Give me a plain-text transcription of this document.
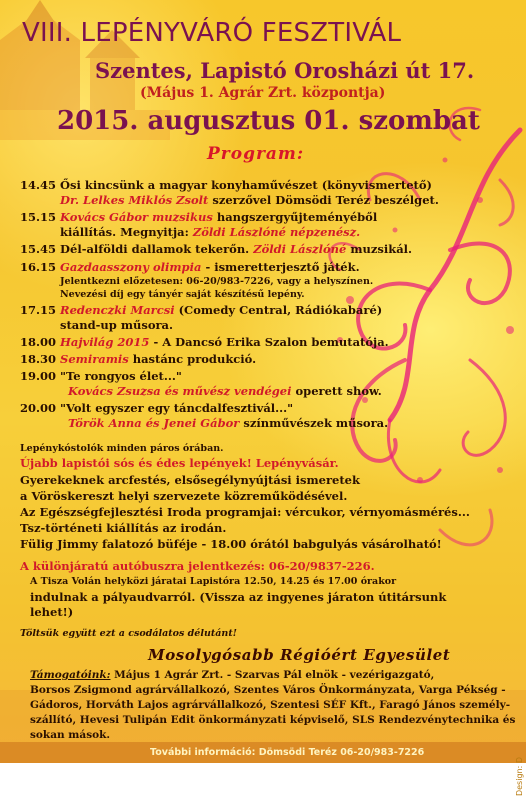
VIII. LEPÉNYVÁRÓ FESZTIVÁL
Szentes, Lapistó Orosházi út 17.
(Május 1. Agrár Zrt. központja)
2015. augusztus 01. szombat
Program:
14.45 Ősi kincsünk a magyar konyhaművészet (könyvismertető)
Dr. Lelkes Miklós Zsolt szerzővel Dömsödi Teréz beszélget.
15.15 Kovács Gábor muzsikus hangszergyűjteményéből
kiállítás. Megnyitja: Zöldi Lászlóné népzenész.
15.45 Dél-alföldi dallamok tekerőn. Zöldi Lászlóné muzsikál.
16.15 Gazdaasszony olimpia - ismeretterjesztő játék.
Jelentkezni előzetesen: 06-20/983-7226, vagy a helyszínen.
Nevezési díj egy tányér saját készítésű lepény.
17.15 Redenczki Marcsi (Comedy Central, Rádiókabaré)
stand-up műsora.
18.00 Hajvilág 2015 - A Dancsó Erika Szalon bemutatója.
18.30 Semiramis hastánc produkció.
19.00 "Te rongyos élet..."
Kovács Zsuzsa és művész vendégei operett show.
20.00 "Volt egyszer egy táncdalfesztivál..."
Török Anna és Jenei Gábor színművészek műsora.
Lepénykóstolók minden páros órában.
Újabb lapistói sós és édes lepények! Lepényvásár.
Gyerekeknek arcfestés, elsősegélynyújtási ismeretek
a Vöröskereszt helyi szervezete közreműködésével.
Az Egészségfejlesztési Iroda programjai: vércukor, vérnyomásmérés...
Tsz-történeti kiállítás az irodán.
Fülig Jimmy falatozó büféje - 18.00 órától babgulyás vásárolható!
A különjáratú autóbuszra jelentkezés: 06-20/9837-226.
A Tisza Volán helyközi járatai Lapistóra 12.50, 14.25 és 17.00 órakor
indulnak a pályaudvarról. (Vissza az ingyenes járaton útitársunk
lehet!)
Töltsük együtt ezt a csodálatos délutánt!
Mosolygósabb Régióért Egyesület
Támogatóink: Május 1 Agrár Zrt. - Szarvas Pál elnök - vezérigazgató,
Borsos Zsigmond agrárvállalkozó, Szentes Város Önkormányzata, Varga Pékség -
Gádoros, Horváth Lajos agrárvállalkozó, Szentesi SÉF Kft., Faragó János személy-
szállító, Hevesi Tulipán Edit önkormányzati képviselő, SLS Rendezvénytechnika és
sokan mások.
További információ: Dömsödi Teréz 06-20/983-7226
Design: D
